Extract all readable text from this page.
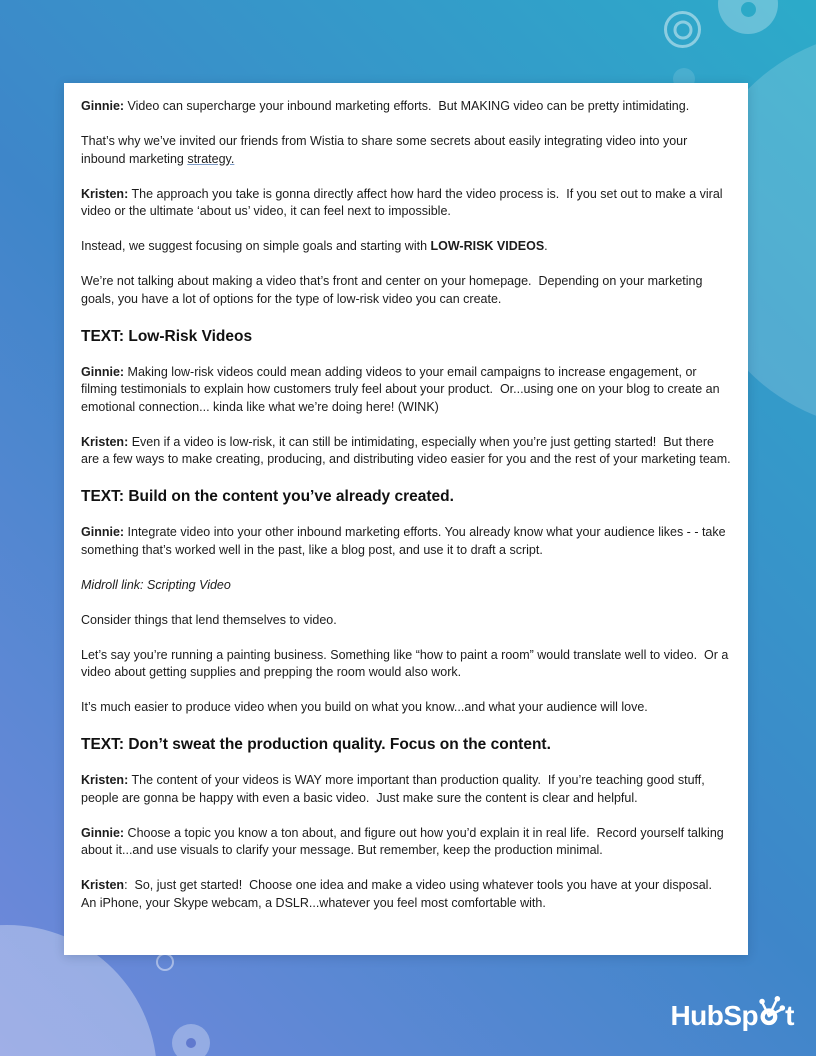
Ginnie: Video can supercharge your inbound marketing efforts.  But MAKING video can be pretty intimidating.

That’s why we’ve invited our friends from Wistia to share some secrets about easily integrating video into your inbound marketing strategy.

Kristen: The approach you take is gonna directly affect how hard the video process is.  If you set out to make a viral video or the ultimate ‘about us’ video, it can feel next to impossible.

Instead, we suggest focusing on simple goals and starting with LOW-RISK VIDEOS.

We’re not talking about making a video that’s front and center on your homepage.  Depending on your marketing goals, you have a lot of options for the type of low-risk video you can create.

TEXT: Low-Risk Videos

Ginnie: Making low-risk videos could mean adding videos to your email campaigns to increase engagement, or filming testimonials to explain how customers truly feel about your product.  Or...using one on your blog to create an emotional connection... kinda like what we’re doing here! (WINK)

Kristen: Even if a video is low-risk, it can still be intimidating, especially when you’re just getting started!  But there are a few ways to make creating, producing, and distributing video easier for you and the rest of your marketing team.

TEXT: Build on the content you’ve already created.

Ginnie: Integrate video into your other inbound marketing efforts. You already know what your audience likes - - take something that’s worked well in the past, like a blog post, and use it to draft a script.

Midroll link: Scripting Video

Consider things that lend themselves to video.

Let’s say you’re running a painting business. Something like “how to paint a room” would translate well to video.  Or a video about getting supplies and prepping the room would also work.

It’s much easier to produce video when you build on what you know...and what your audience will love.

TEXT: Don’t sweat the production quality. Focus on the content.

Kristen: The content of your videos is WAY more important than production quality.  If you’re teaching good stuff, people are gonna be happy with even a basic video.  Just make sure the content is clear and helpful.

Ginnie: Choose a topic you know a ton about, and figure out how you’d explain it in real life.  Record yourself talking about it...and use visuals to clarify your message. But remember, keep the production minimal.

Kristen:  So, just get started!  Choose one idea and make a video using whatever tools you have at your disposal.  An iPhone, your Skype webcam, a DSLR...whatever you feel most comfortable with.

HubSp t
